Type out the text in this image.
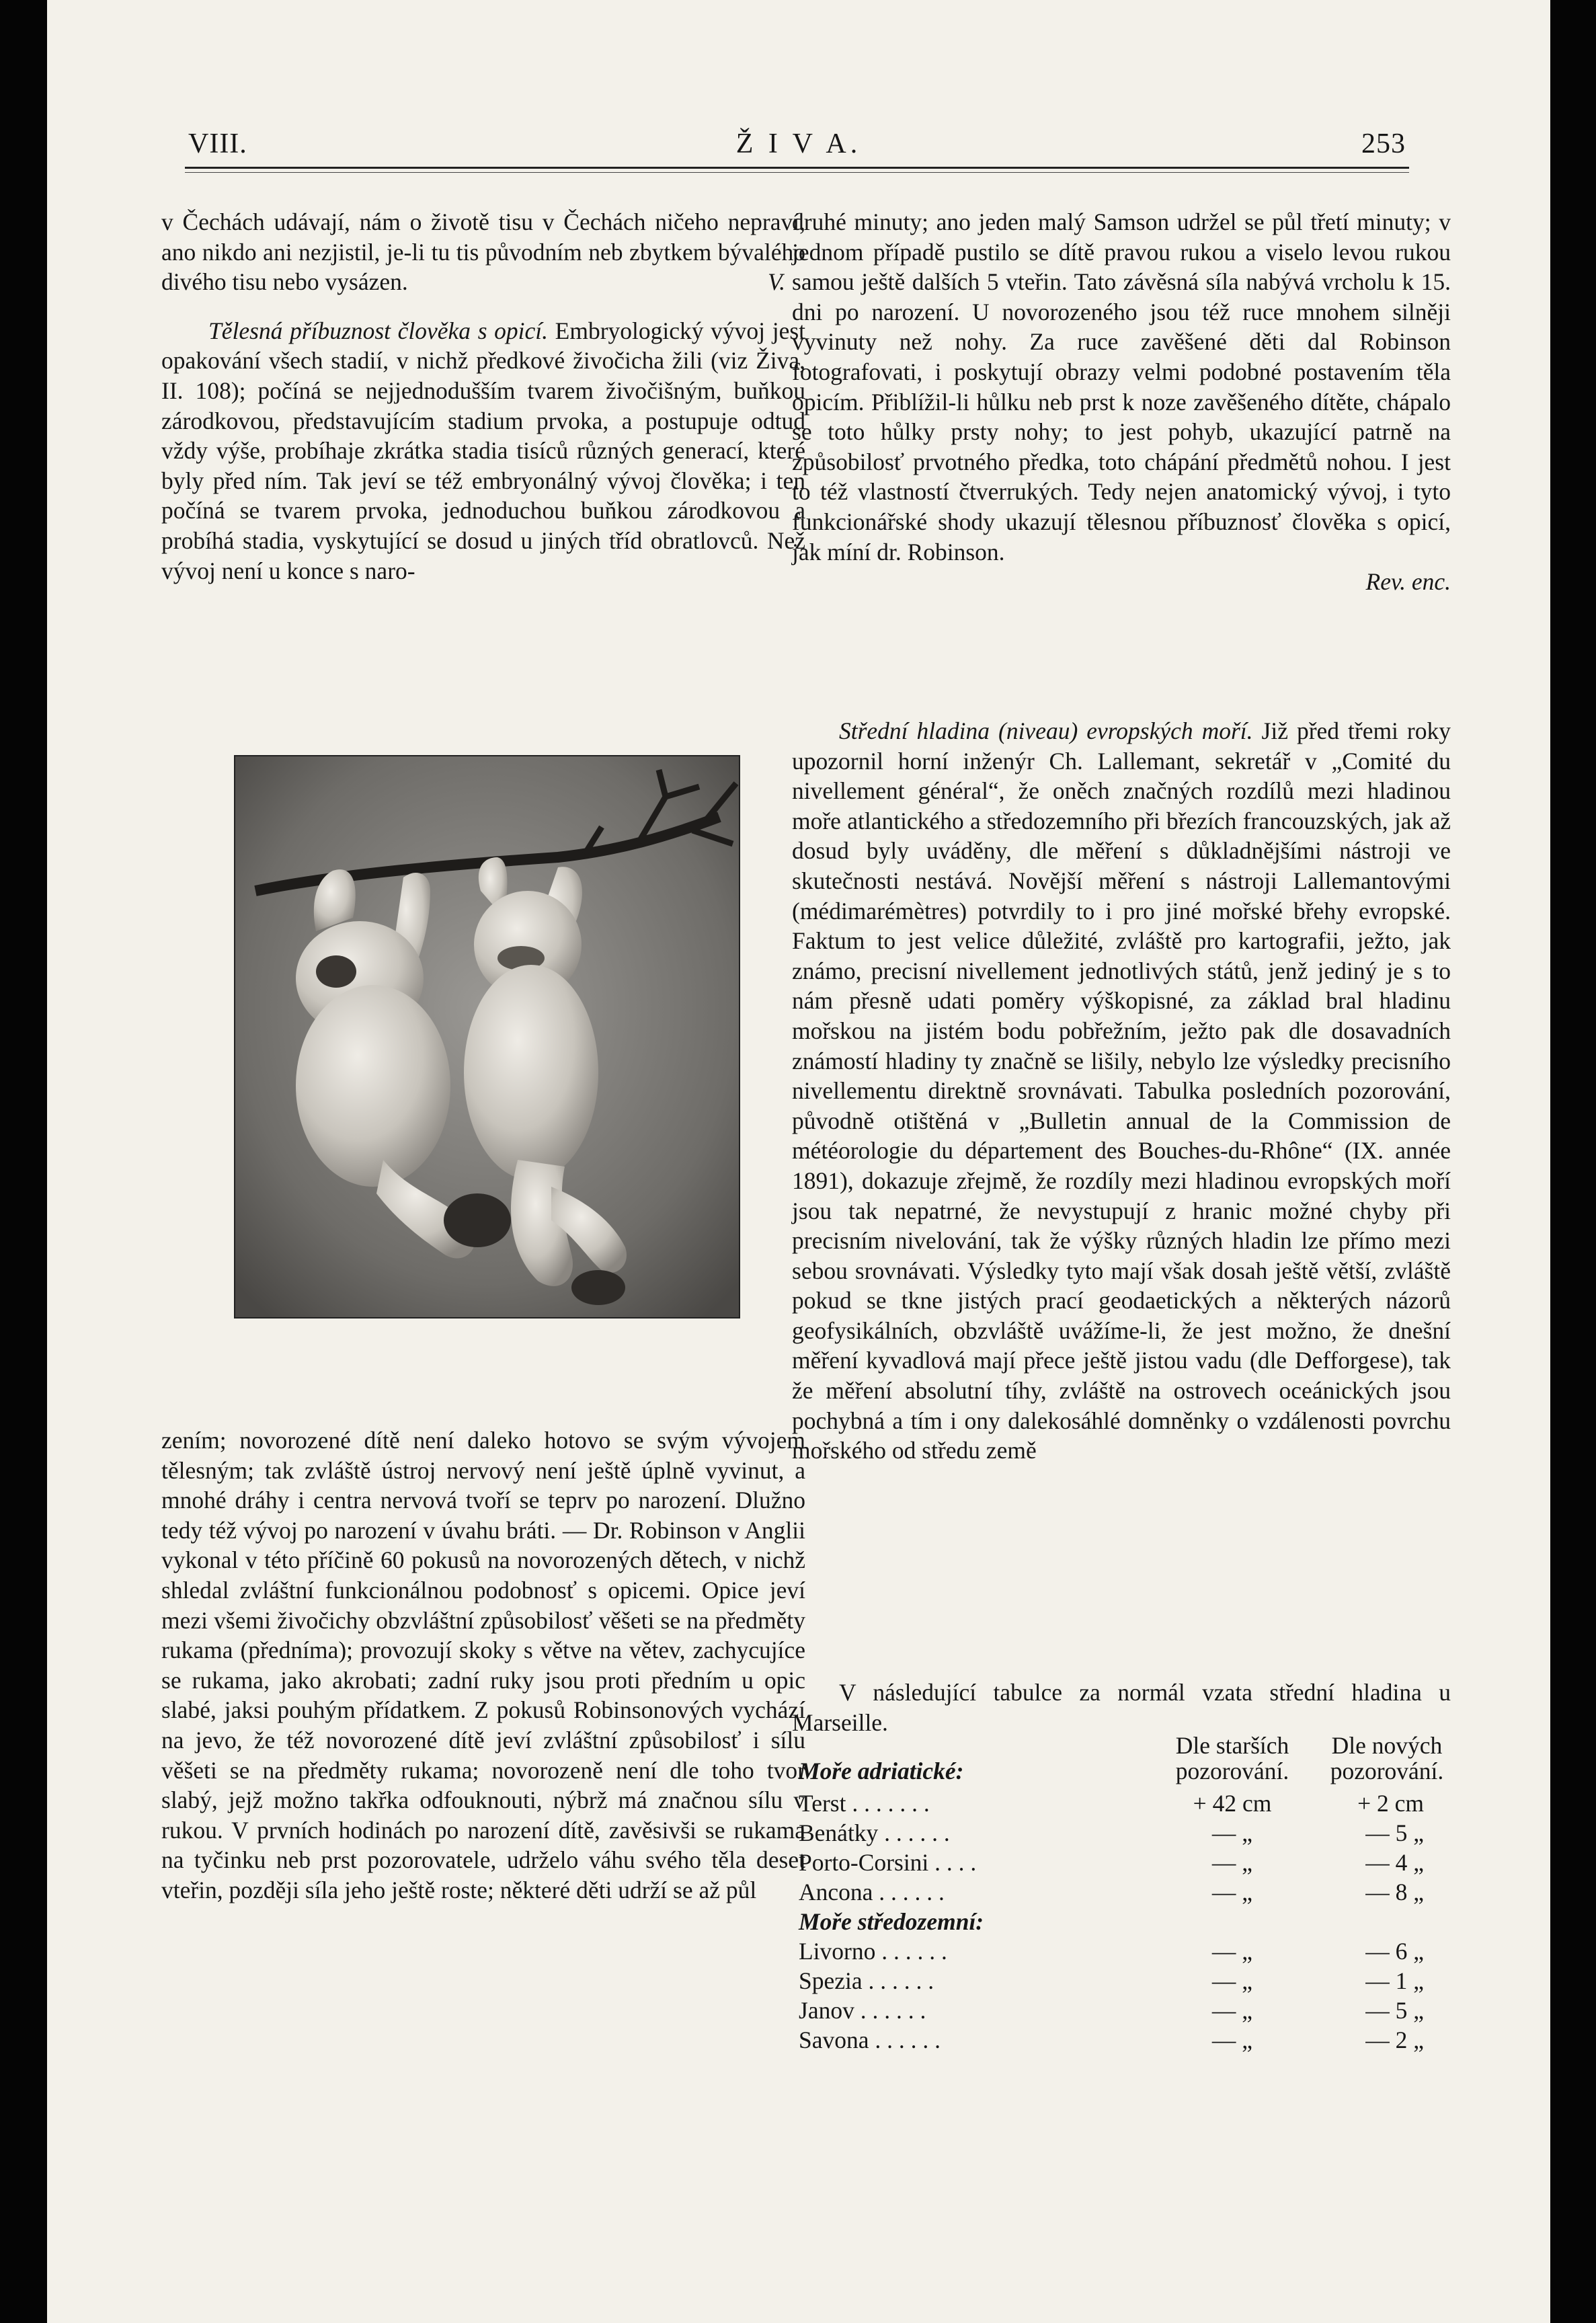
Ž I V A.
VIII.	253

v Čechách udávají, nám o životě tisu v Čechách ničeho nepraví, ano nikdo ani nezjistil, je-li tu tis původním neb zbytkem bývalého divého tisu nebo vysázen.	V.

Tělesná příbuznost člověka s opicí. Embryologický vývoj jest opakování všech stadií, v nichž předkové živočicha žili (viz Živa, II. 108); počíná se nejjednodušším tvarem živočišným, buňkou zárodkovou, představujícím stadium prvoka, a postupuje odtud vždy výše, probíhaje zkrátka stadia tisíců různých generací, které byly před ním. Tak jeví se též embryonálný vývoj člověka; i ten počíná se tvarem prvoka, jednoduchou buňkou zárodkovou a probíhá stadia, vyskytující se dosud u jiných tříd obratlovců. Než vývoj není u konce s naro-

zením; novorozené dítě není daleko hotovo se svým vývojem tělesným; tak zvláště ústroj nervový není ještě úplně vyvinut, a mnohé dráhy i centra nervová tvoří se teprv po narození. Dlužno tedy též vývoj po narození v úvahu bráti. — Dr. Robinson v Anglii vykonal v této příčině 60 pokusů na novorozených dětech, v nichž shledal zvláštní funkcionálnou podobnosť s opicemi. Opice jeví mezi všemi živočichy obzvláštní způsobilosť věšeti se na předměty rukama (předníma); provozují skoky s větve na větev, zachycujíce se rukama, jako akrobati; zadní ruky jsou proti předním u opic slabé, jaksi pouhým přídatkem. Z pokusů Robinsonových vychází na jevo, že též novorozené dítě jeví zvláštní způsobilosť i sílu věšeti se na předměty rukama; novorozeně není dle toho tvor slabý, jejž možno takřka odfouknouti, nýbrž má značnou sílu v rukou. V prvních hodinách po narození dítě, zavěsivši se rukama na tyčinku neb prst pozorovatele, udrželo váhu svého těla deset vteřin, později síla jeho ještě roste; některé děti udrží se až půl

druhé minuty; ano jeden malý Samson udržel se půl třetí minuty; v jednom případě pustilo se dítě pravou rukou a viselo levou rukou samou ještě dalších 5 vteřin. Tato závěsná síla nabývá vrcholu k 15. dni po narození. U novorozeného jsou též ruce mnohem silněji vyvinuty než nohy. Za ruce zavěšené děti dal Robinson fotografovati, i poskytují obrazy velmi podobné postavením těla opicím. Přiblížil-li hůlku neb prst k noze zavěšeného dítěte, chápalo se toto hůlky prsty nohy; to jest pohyb, ukazující patrně na způsobilosť prvotného předka, toto chápání předmětů nohou. I jest to též vlastností čtverrukých. Tedy nejen anatomický vývoj, i tyto funkcionářské shody ukazují tělesnou příbuznosť člověka s opicí, jak míní dr. Robinson.

Rev. enc.

Střední hladina (niveau) evropských moří. Již před třemi roky upozornil horní inženýr Ch. Lallemant, sekretář v „Comité du nivellement général“, že oněch značných rozdílů mezi hladinou moře atlantického a středozemního při březích francouzských, jak až dosud byly uváděny, dle měření s důkladnějšími nástroji ve skutečnosti nestává. Novější měření s nástroji Lallemantovými (médimarémètres) potvrdily to i pro jiné mořské břehy evropské. Faktum to jest velice důležité, zvláště pro kartografii, ježto, jak známo, precisní nivellement jednotlivých států, jenž jediný je s to nám přesně udati poměry výškopisné, za základ bral hladinu mořskou na jistém bodu pobřežním, ježto pak dle dosavadních známostí hladiny ty značně se lišily, nebylo lze výsledky precisního nivellementu direktně srovnávati. Tabulka posledních pozorování, původně otištěná v „Bulletin annual de la Commission de météorologie du département des Bouches-du-Rhône“ (IX. année 1891), dokazuje zřejmě, že rozdíly mezi hladinou evropských moří jsou tak nepatrné, že nevystupují z hranic možné chyby při precisním nivelování, tak že výšky různých hladin lze přímo mezi sebou srovnávati. Výsledky tyto mají však dosah ještě větší, zvláště pokud se tkne jistých prací geodaetických a některých názorů geofysikálních, obzvláště uvážíme-li, že jest možno, že dnešní měření kyvadlová mají přece ještě jistou vadu (dle Defforgese), tak že měření absolutní tíhy, zvláště na ostrovech oceánických jsou pochybná a tím i ony dalekosáhlé domněnky o vzdálenosti povrchu mořského od středu země

V následující tabulce za normál vzata střední hladina u Marseille.

Dle starších
pozorování.
Dle nových
pozorování.
Moře adriatické:
Terst . . . . . . .	+ 42 cm	+ 2 cm
Benátky . . . . . .	— „	— 5 „
Porto-Corsini . . . .	— „	— 4 „
Ancona . . . . . .	— „	— 8 „
Moře středozemní:
Livorno . . . . . .	— „	— 6 „
Spezia . . . . . .	— „	— 1 „
Janov . . . . . .	— „	— 5 „
Savona . . . . . .	— „	— 2 „
